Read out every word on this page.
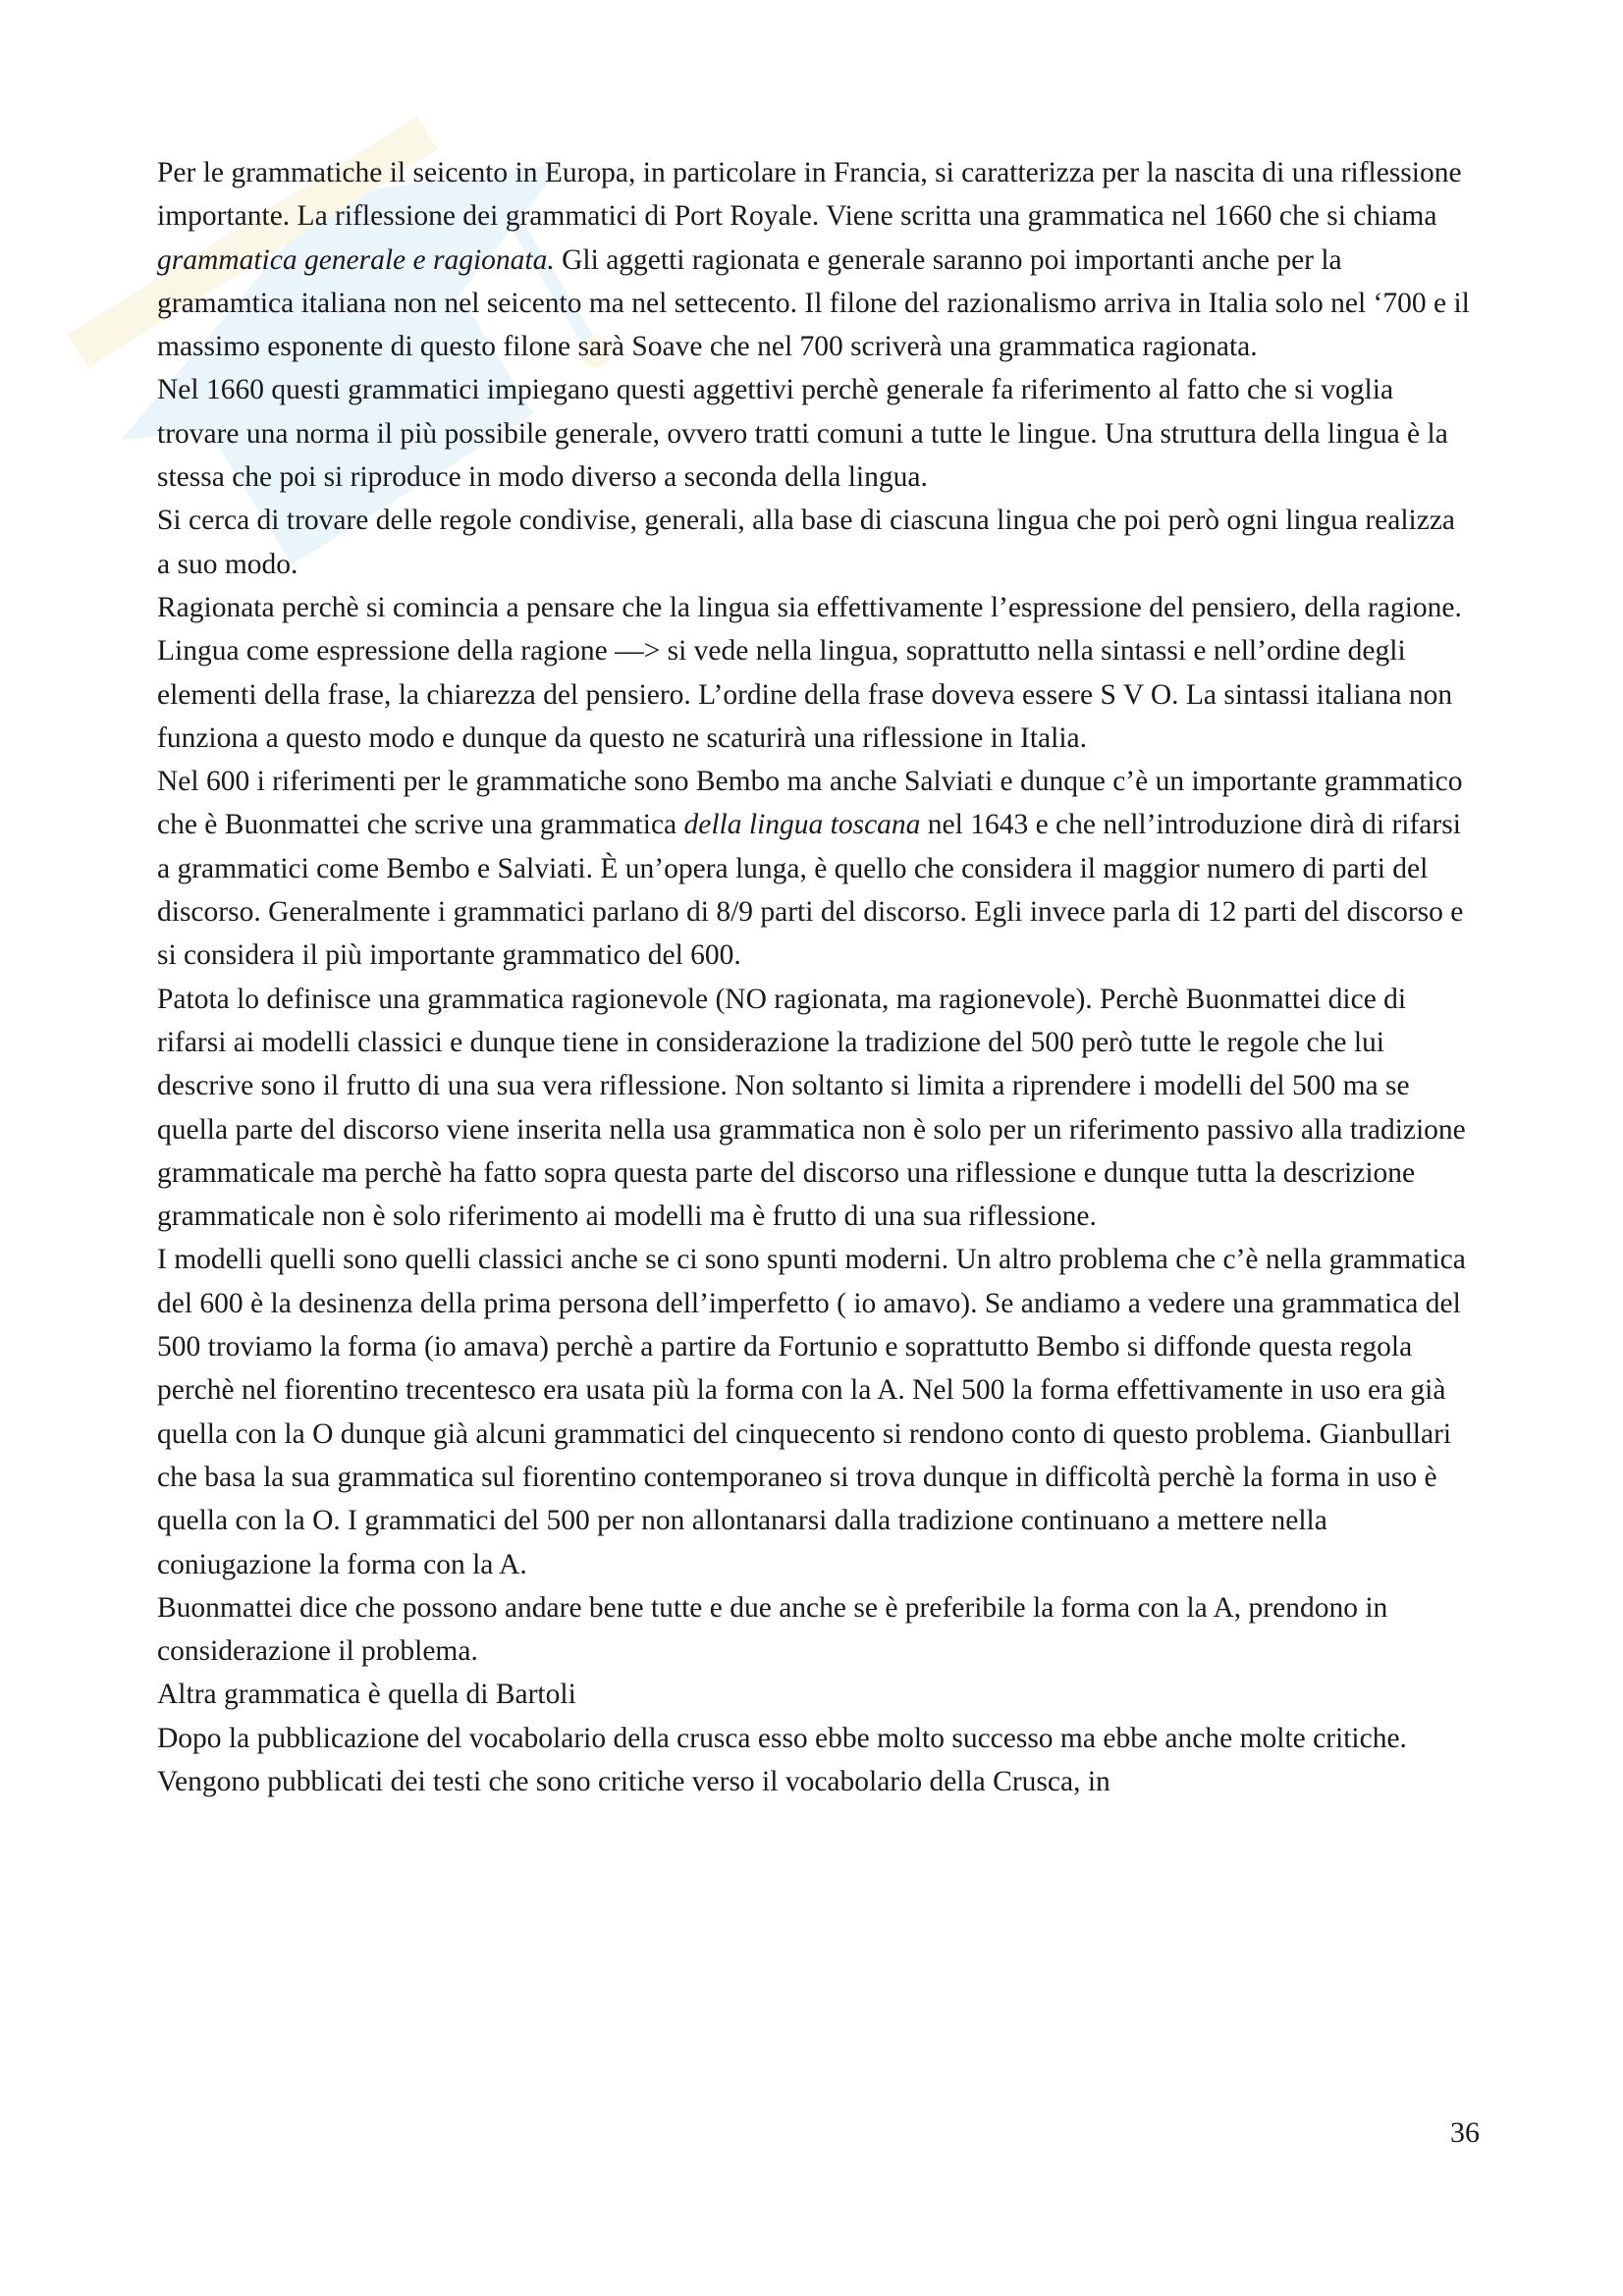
Per le grammatiche il seicento in Europa, in particolare in Francia, si caratterizza per la nascita di una riflessione importante. La riflessione dei grammatici di Port Royale. Viene scritta una grammatica nel 1660 che si chiama grammatica generale e ragionata. Gli aggetti ragionata e generale saranno poi importanti anche per la gramamtica italiana non nel seicento ma nel settecento. Il filone del razionalismo arriva in Italia solo nel ‘700 e il massimo esponente di questo filone sarà Soave che nel 700 scriverà una grammatica ragionata.

Nel 1660 questi grammatici impiegano questi aggettivi perchè generale fa riferimento al fatto che si voglia trovare una norma il più possibile generale, ovvero tratti comuni a tutte le lingue. Una struttura della lingua è la stessa che poi si riproduce in modo diverso a seconda della lingua.

Si cerca di trovare delle regole condivise, generali, alla base di ciascuna lingua che poi però ogni lingua realizza a suo modo.

Ragionata perchè si comincia a pensare che la lingua sia effettivamente l’espressione del pensiero, della ragione.

Lingua come espressione della ragione —> si vede nella lingua, soprattutto nella sintassi e nell’ordine degli elementi della frase, la chiarezza del pensiero. L’ordine della frase doveva essere S V O. La sintassi italiana non funziona a questo modo e dunque da questo ne scaturirà una riflessione in Italia.

Nel 600 i riferimenti per le grammatiche sono Bembo ma anche Salviati e dunque c’è un importante grammatico che è Buonmattei che scrive una grammatica della lingua toscana nel 1643 e che nell’introduzione dirà di rifarsi a grammatici come Bembo e Salviati. È un’opera lunga, è quello che considera il maggior numero di parti del discorso. Generalmente i grammatici parlano di 8/9 parti del discorso. Egli invece parla di 12 parti del discorso e si considera il più importante grammatico del 600.

Patota lo definisce una grammatica ragionevole (NO ragionata, ma ragionevole). Perchè Buonmattei dice di rifarsi ai modelli classici e dunque tiene in considerazione la tradizione del 500 però tutte le regole che lui descrive sono il frutto di una sua vera riflessione. Non soltanto si limita a riprendere i modelli del 500 ma se quella parte del discorso viene inserita nella usa grammatica non è solo per un riferimento passivo alla tradizione grammaticale ma perchè ha fatto sopra questa parte del discorso una riflessione e dunque tutta la descrizione grammaticale non è solo riferimento ai modelli ma è frutto di una sua riflessione.

I modelli quelli sono quelli classici anche se ci sono spunti moderni. Un altro problema che c’è nella grammatica del 600 è la desinenza della prima persona dell’imperfetto ( io amavo). Se andiamo a vedere una grammatica del 500 troviamo la forma (io amava) perchè a partire da Fortunio e soprattutto Bembo si diffonde questa regola perchè nel fiorentino trecentesco era usata più la forma con la A. Nel 500 la forma effettivamente in uso era già quella con la O dunque già alcuni grammatici del cinquecento si rendono conto di questo problema. Gianbullari che basa la sua grammatica sul fiorentino contemporaneo si trova dunque in difficoltà perchè la forma in uso è quella con la O. I grammatici del 500 per non allontanarsi dalla tradizione continuano a mettere nella coniugazione la forma con la A.

Buonmattei dice che possono andare bene tutte e due anche se è preferibile la forma con la A, prendono in considerazione il problema.

Altra grammatica è quella di Bartoli

Dopo la pubblicazione del vocabolario della crusca esso ebbe molto successo ma ebbe anche molte critiche. Vengono pubblicati dei testi che sono critiche verso il vocabolario della Crusca, in

36
